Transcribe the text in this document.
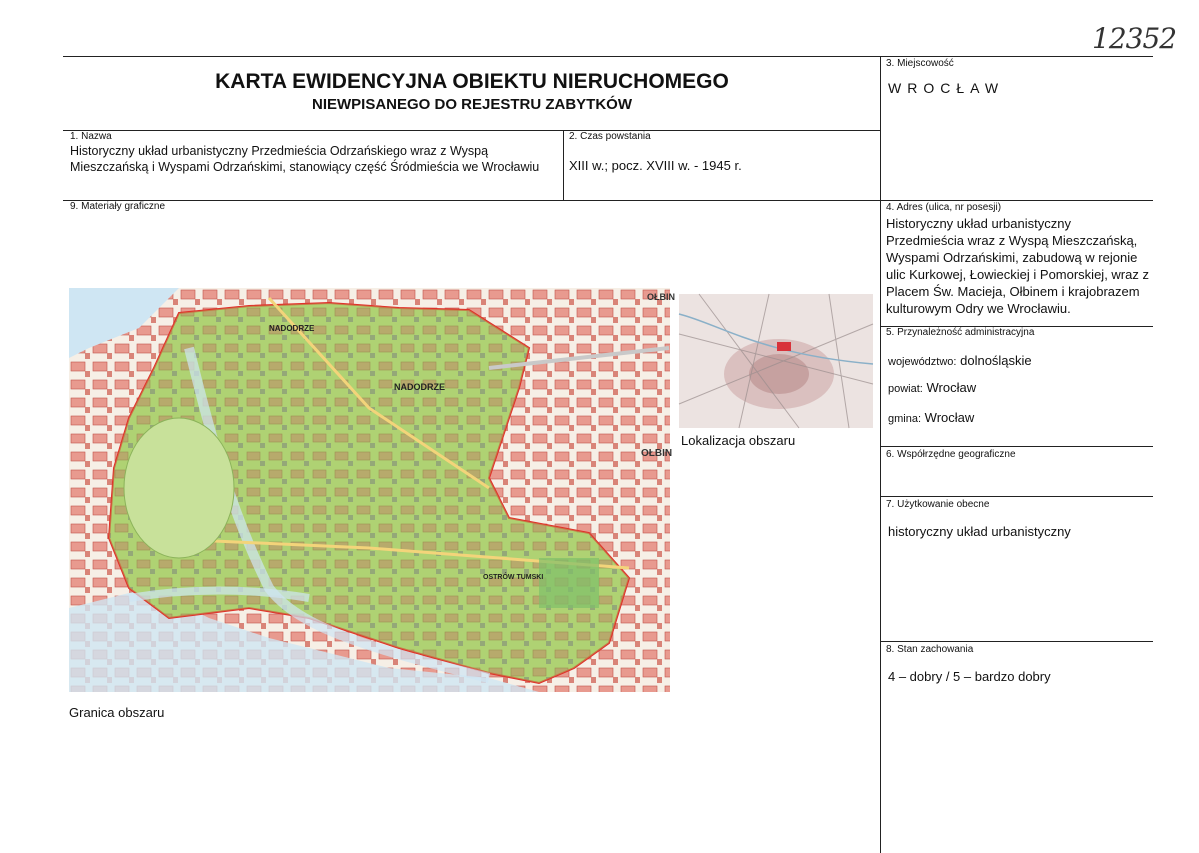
12352
KARTA EWIDENCYJNA OBIEKTU NIERUCHOMEGO
NIEWPISANEGO DO REJESTRU ZABYTKÓW
3. Miejscowość
WROCŁAW
1. Nazwa
Historyczny układ urbanistyczny Przedmieścia Odrzańskiego wraz z Wyspą Mieszczańską i Wyspami Odrzańskimi, stanowiący część Śródmieścia we Wrocławiu
2. Czas powstania
XIII w.; pocz. XVIII w. - 1945 r.
9. Materiały graficzne	4. Adres (ulica, nr posesji)
Historyczny układ urbanistyczny Przedmieścia wraz z Wyspą Mieszczańską, Wyspami Odrzańskimi, zabudową w rejonie ulic Kurkowej, Łowieckiej i Pomorskiej, wraz z Placem Św. Macieja, Ołbinem i krajobrazem kulturowym Odry we Wrocławiu.
5. Przynależność administracyjna
województwo: dolnośląskie
powiat: Wrocław
gmina: Wrocław
6. Współrzędne geograficzne
7. Użytkowanie obecne
historyczny układ urbanistyczny
8. Stan zachowania
4 – dobry / 5 – bardzo dobry
NADODRZE
NADODRZE
OŁBIN
OŁBIN
OSTRÓW TUMSKI
Granica obszaru
Lokalizacja obszaru
